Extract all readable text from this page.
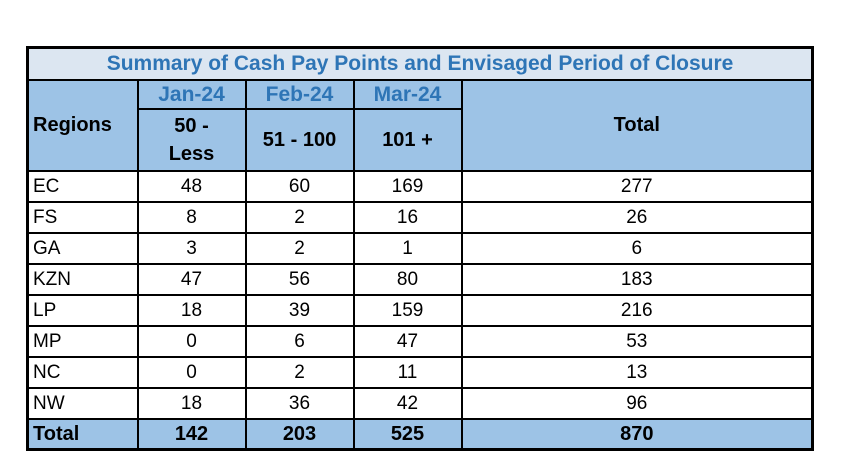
Summary of Cash Pay Points and Envisaged Period of Closure				
Regions	Jan-24	Feb-24	Mar-24	Total
	50 - Less	51 - 100	101 +	
EC	48	60	169	277
FS	8	2	16	26
GA	3	2	1	6
KZN	47	56	80	183
LP	18	39	159	216
MP	0	6	47	53
NC	0	2	11	13
NW	18	36	42	96
Total	142	203	525	870
